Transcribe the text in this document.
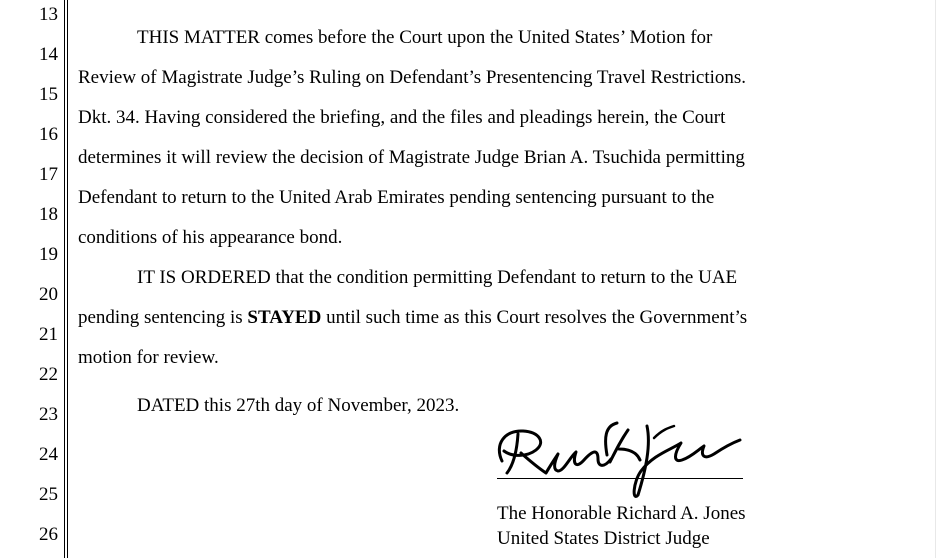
13
14
15
16
17
18
19
20
21
22
23
24
25
26
THIS MATTER comes before the Court upon the United States’ Motion for
Review of Magistrate Judge’s Ruling on Defendant’s Presentencing Travel Restrictions.
Dkt. 34. Having considered the briefing, and the files and pleadings herein, the Court
determines it will review the decision of Magistrate Judge Brian A. Tsuchida permitting
Defendant to return to the United Arab Emirates pending sentencing pursuant to the
conditions of his appearance bond.
IT IS ORDERED that the condition permitting Defendant to return to the UAE
pending sentencing is STAYED until such time as this Court resolves the Government’s
motion for review.
DATED this 27th day of November, 2023.
The Honorable Richard A. Jones
United States District Judge
